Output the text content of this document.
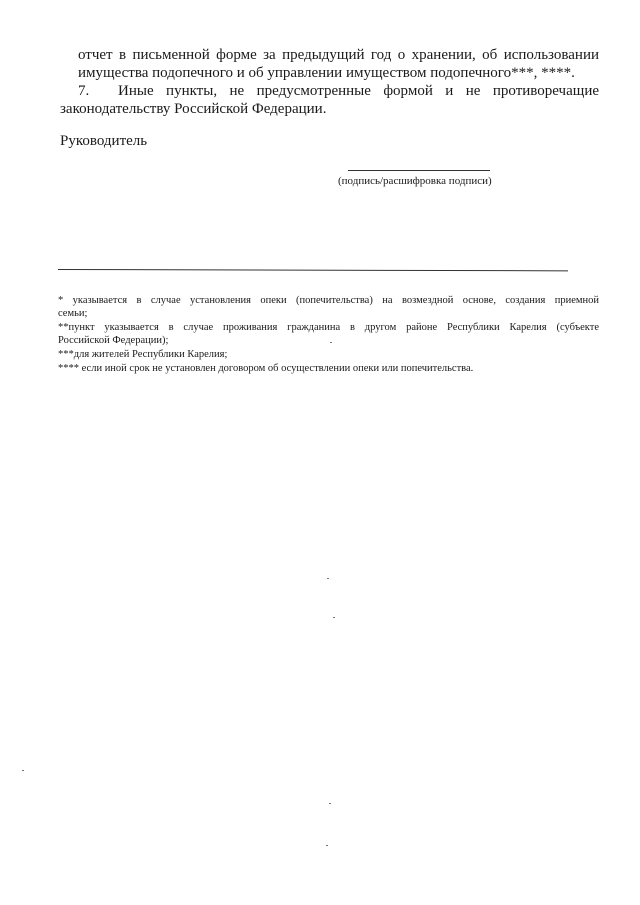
отчет в письменной форме за предыдущий год о хранении, об использовании
имущества подопечного и об управлении имуществом подопечного***, ****.
7. Иные пункты, не предусмотренные формой и не противоречащие
законодательству Российской Федерации.
Руководитель
(подпись/расшифровка подписи)
* указывается в случае установления опеки (попечительства) на возмездной основе, создания приемной
семьи;
**пункт указывается в случае проживания гражданина в другом районе Республики Карелия (субъекте
Российской Федерации);
***для жителей Республики Карелия;
**** если иной срок не установлен договором об осуществлении опеки или попечительства.
